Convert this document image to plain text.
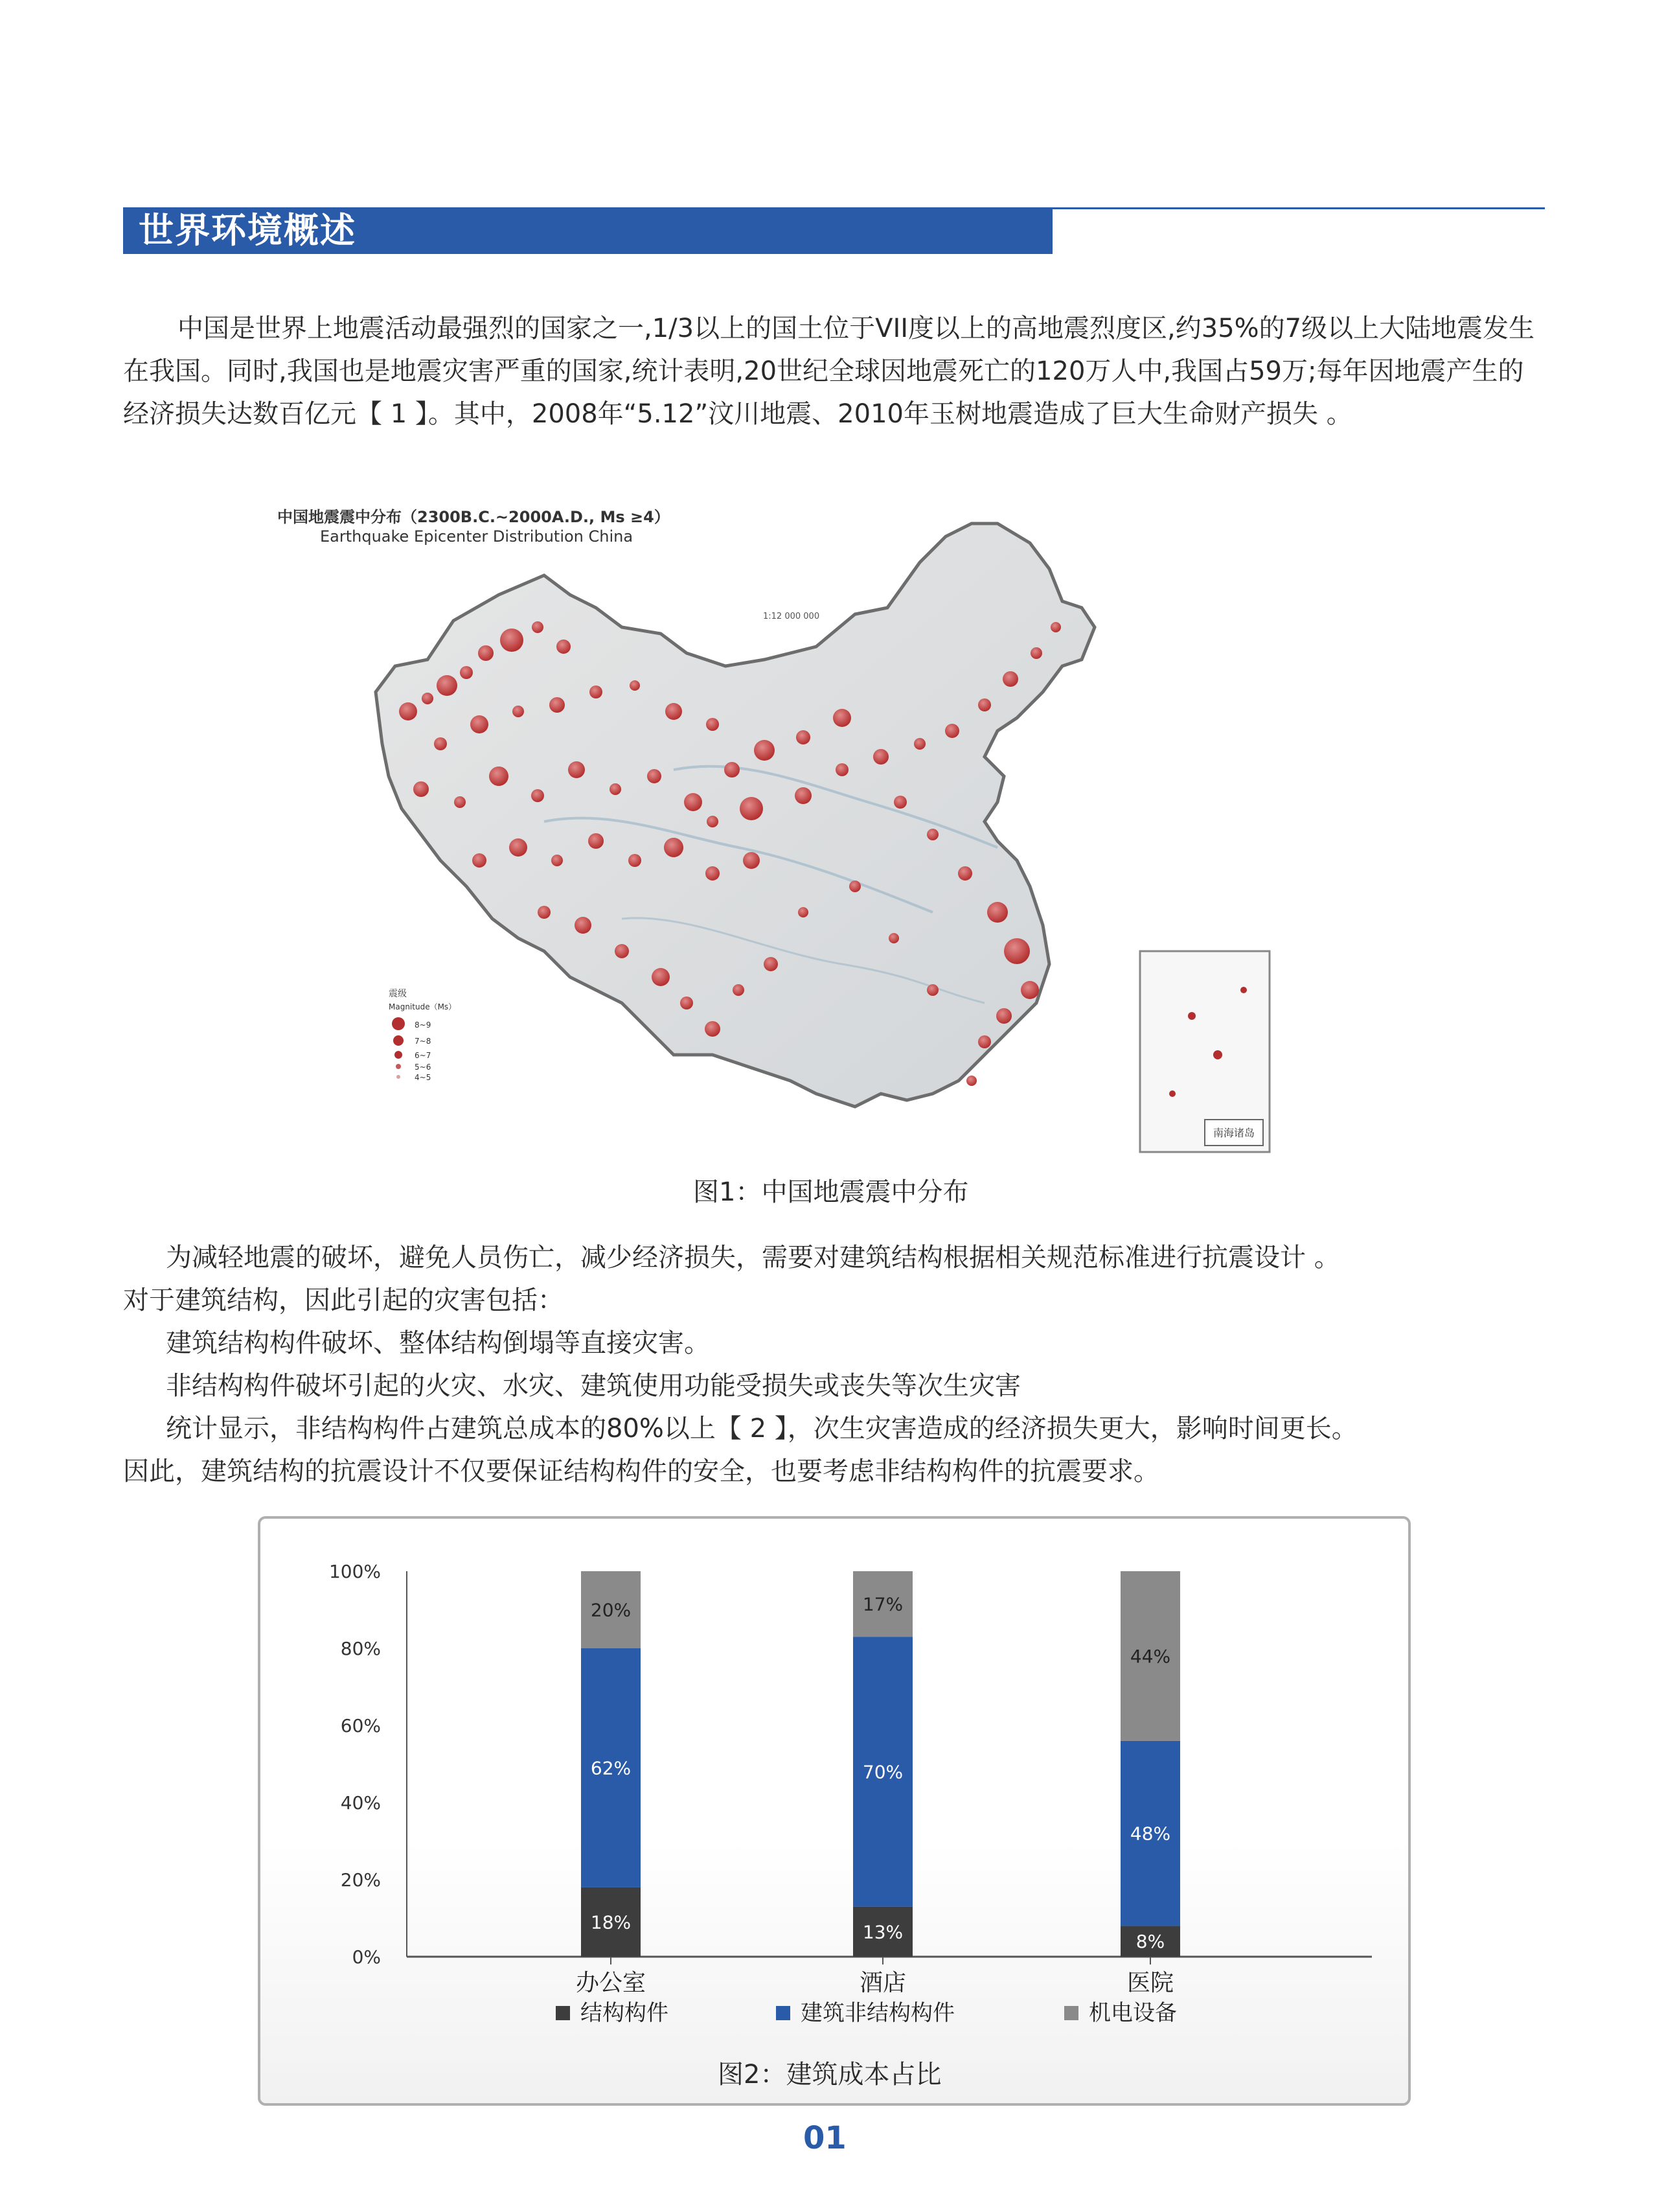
世界环境概述
中国是世界上地震活动最强烈的国家之一,1/3以上的国土位于VII度以上的高地震烈度区,约35%的7级以上大陆地震发生在我国。同时,我国也是地震灾害严重的国家,统计表明,20世纪全球因地震死亡的120万人中,我国占59万;每年因地震产生的经济损失达数百亿元【 1 】。其中，2008年“5.12”汶川地震、2010年玉树地震造成了巨大生命财产损失 。
南海诸岛
震级
Magnitude（Ms）
8~9
7~8
6~7
5~6
4~5
中国地震震中分布（2300B.C.~2000A.D., Ms ≥4）
Earthquake Epicenter Distribution China
1:12 000 000
图1：中国地震震中分布

为减轻地震的破坏，避免人员伤亡，减少经济损失，需要对建筑结构根据相关规范标准进行抗震设计 。

对于建筑结构，因此引起的灾害包括：

建筑结构构件破坏、整体结构倒塌等直接灾害。

非结构构件破坏引起的火灾、水灾、建筑使用功能受损失或丧失等次生灾害

统计显示，非结构构件占建筑总成本的80%以上【 2 】，次生灾害造成的经济损失更大，影响时间更长。

因此，建筑结构的抗震设计不仅要保证结构构件的安全，也要考虑非结构构件的抗震要求。

0%
20%
40%
60%
80%
100%
18%
62%
20%
办公室
13%
70%
17%
酒店
8%
48%
44%
医院
结构构件	建筑非结构构件	机电设备
图2：建筑成本占比
01
